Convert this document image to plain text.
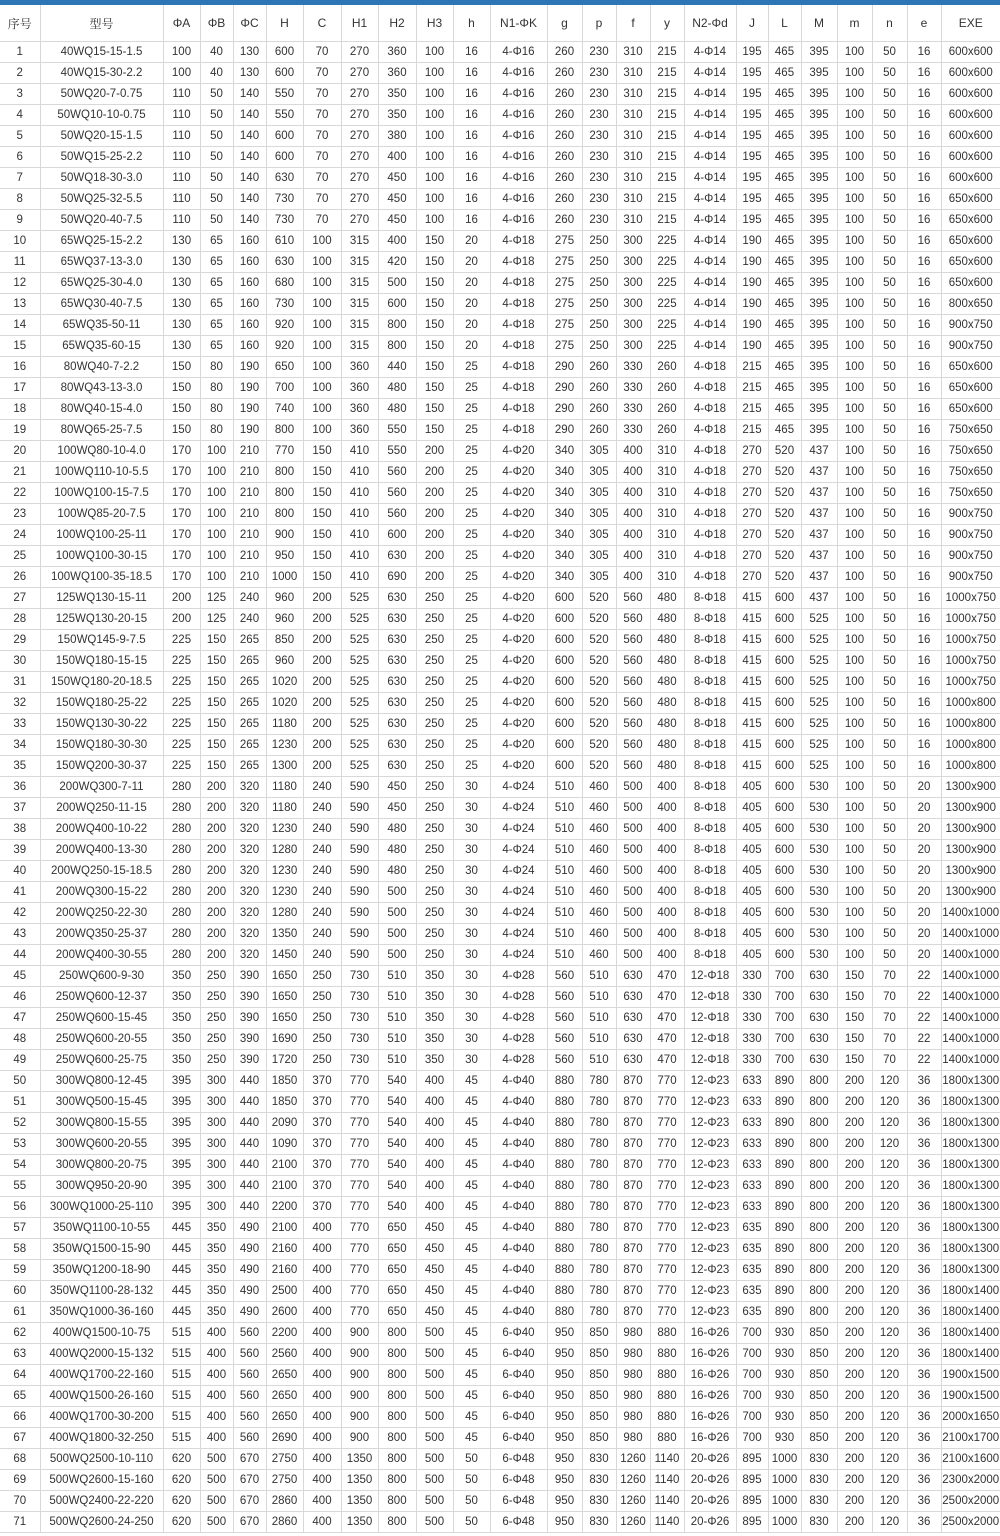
序号	型号	ΦA	ΦB	ΦC	H	C	H1	H2	H3	h	N1-ΦK	g	p	f	y	N2-Φd	J	L	M	m	n	e	EXE
1	40WQ15-15-1.5	100	40	130	600	70	270	360	100	16	4-Φ16	260	230	310	215	4-Φ14	195	465	395	100	50	16	600x600
2	40WQ15-30-2.2	100	40	130	600	70	270	360	100	16	4-Φ16	260	230	310	215	4-Φ14	195	465	395	100	50	16	600x600
3	50WQ20-7-0.75	110	50	140	550	70	270	350	100	16	4-Φ16	260	230	310	215	4-Φ14	195	465	395	100	50	16	600x600
4	50WQ10-10-0.75	110	50	140	550	70	270	350	100	16	4-Φ16	260	230	310	215	4-Φ14	195	465	395	100	50	16	600x600
5	50WQ20-15-1.5	110	50	140	600	70	270	380	100	16	4-Φ16	260	230	310	215	4-Φ14	195	465	395	100	50	16	600x600
6	50WQ15-25-2.2	110	50	140	600	70	270	400	100	16	4-Φ16	260	230	310	215	4-Φ14	195	465	395	100	50	16	600x600
7	50WQ18-30-3.0	110	50	140	630	70	270	450	100	16	4-Φ16	260	230	310	215	4-Φ14	195	465	395	100	50	16	600x600
8	50WQ25-32-5.5	110	50	140	730	70	270	450	100	16	4-Φ16	260	230	310	215	4-Φ14	195	465	395	100	50	16	650x600
9	50WQ20-40-7.5	110	50	140	730	70	270	450	100	16	4-Φ16	260	230	310	215	4-Φ14	195	465	395	100	50	16	650x600
10	65WQ25-15-2.2	130	65	160	610	100	315	400	150	20	4-Φ18	275	250	300	225	4-Φ14	190	465	395	100	50	16	650x600
11	65WQ37-13-3.0	130	65	160	630	100	315	420	150	20	4-Φ18	275	250	300	225	4-Φ14	190	465	395	100	50	16	650x600
12	65WQ25-30-4.0	130	65	160	680	100	315	500	150	20	4-Φ18	275	250	300	225	4-Φ14	190	465	395	100	50	16	650x600
13	65WQ30-40-7.5	130	65	160	730	100	315	600	150	20	4-Φ18	275	250	300	225	4-Φ14	190	465	395	100	50	16	800x650
14	65WQ35-50-11	130	65	160	920	100	315	800	150	20	4-Φ18	275	250	300	225	4-Φ14	190	465	395	100	50	16	900x750
15	65WQ35-60-15	130	65	160	920	100	315	800	150	20	4-Φ18	275	250	300	225	4-Φ14	190	465	395	100	50	16	900x750
16	80WQ40-7-2.2	150	80	190	650	100	360	440	150	25	4-Φ18	290	260	330	260	4-Φ18	215	465	395	100	50	16	650x600
17	80WQ43-13-3.0	150	80	190	700	100	360	480	150	25	4-Φ18	290	260	330	260	4-Φ18	215	465	395	100	50	16	650x600
18	80WQ40-15-4.0	150	80	190	740	100	360	480	150	25	4-Φ18	290	260	330	260	4-Φ18	215	465	395	100	50	16	650x600
19	80WQ65-25-7.5	150	80	190	800	100	360	550	150	25	4-Φ18	290	260	330	260	4-Φ18	215	465	395	100	50	16	750x650
20	100WQ80-10-4.0	170	100	210	770	150	410	550	200	25	4-Φ20	340	305	400	310	4-Φ18	270	520	437	100	50	16	750x650
21	100WQ110-10-5.5	170	100	210	800	150	410	560	200	25	4-Φ20	340	305	400	310	4-Φ18	270	520	437	100	50	16	750x650
22	100WQ100-15-7.5	170	100	210	800	150	410	560	200	25	4-Φ20	340	305	400	310	4-Φ18	270	520	437	100	50	16	750x650
23	100WQ85-20-7.5	170	100	210	800	150	410	560	200	25	4-Φ20	340	305	400	310	4-Φ18	270	520	437	100	50	16	900x750
24	100WQ100-25-11	170	100	210	900	150	410	600	200	25	4-Φ20	340	305	400	310	4-Φ18	270	520	437	100	50	16	900x750
25	100WQ100-30-15	170	100	210	950	150	410	630	200	25	4-Φ20	340	305	400	310	4-Φ18	270	520	437	100	50	16	900x750
26	100WQ100-35-18.5	170	100	210	1000	150	410	690	200	25	4-Φ20	340	305	400	310	4-Φ18	270	520	437	100	50	16	900x750
27	125WQ130-15-11	200	125	240	960	200	525	630	250	25	4-Φ20	600	520	560	480	8-Φ18	415	600	437	100	50	16	1000x750
28	125WQ130-20-15	200	125	240	960	200	525	630	250	25	4-Φ20	600	520	560	480	8-Φ18	415	600	525	100	50	16	1000x750
29	150WQ145-9-7.5	225	150	265	850	200	525	630	250	25	4-Φ20	600	520	560	480	8-Φ18	415	600	525	100	50	16	1000x750
30	150WQ180-15-15	225	150	265	960	200	525	630	250	25	4-Φ20	600	520	560	480	8-Φ18	415	600	525	100	50	16	1000x750
31	150WQ180-20-18.5	225	150	265	1020	200	525	630	250	25	4-Φ20	600	520	560	480	8-Φ18	415	600	525	100	50	16	1000x750
32	150WQ180-25-22	225	150	265	1020	200	525	630	250	25	4-Φ20	600	520	560	480	8-Φ18	415	600	525	100	50	16	1000x800
33	150WQ130-30-22	225	150	265	1180	200	525	630	250	25	4-Φ20	600	520	560	480	8-Φ18	415	600	525	100	50	16	1000x800
34	150WQ180-30-30	225	150	265	1230	200	525	630	250	25	4-Φ20	600	520	560	480	8-Φ18	415	600	525	100	50	16	1000x800
35	150WQ200-30-37	225	150	265	1300	200	525	630	250	25	4-Φ20	600	520	560	480	8-Φ18	415	600	525	100	50	16	1000x800
36	200WQ300-7-11	280	200	320	1180	240	590	450	250	30	4-Φ24	510	460	500	400	8-Φ18	405	600	530	100	50	20	1300x900
37	200WQ250-11-15	280	200	320	1180	240	590	450	250	30	4-Φ24	510	460	500	400	8-Φ18	405	600	530	100	50	20	1300x900
38	200WQ400-10-22	280	200	320	1230	240	590	480	250	30	4-Φ24	510	460	500	400	8-Φ18	405	600	530	100	50	20	1300x900
39	200WQ400-13-30	280	200	320	1280	240	590	480	250	30	4-Φ24	510	460	500	400	8-Φ18	405	600	530	100	50	20	1300x900
40	200WQ250-15-18.5	280	200	320	1230	240	590	480	250	30	4-Φ24	510	460	500	400	8-Φ18	405	600	530	100	50	20	1300x900
41	200WQ300-15-22	280	200	320	1230	240	590	500	250	30	4-Φ24	510	460	500	400	8-Φ18	405	600	530	100	50	20	1300x900
42	200WQ250-22-30	280	200	320	1280	240	590	500	250	30	4-Φ24	510	460	500	400	8-Φ18	405	600	530	100	50	20	1400x1000
43	200WQ350-25-37	280	200	320	1350	240	590	500	250	30	4-Φ24	510	460	500	400	8-Φ18	405	600	530	100	50	20	1400x1000
44	200WQ400-30-55	280	200	320	1450	240	590	500	250	30	4-Φ24	510	460	500	400	8-Φ18	405	600	530	100	50	20	1400x1000
45	250WQ600-9-30	350	250	390	1650	250	730	510	350	30	4-Φ28	560	510	630	470	12-Φ18	330	700	630	150	70	22	1400x1000
46	250WQ600-12-37	350	250	390	1650	250	730	510	350	30	4-Φ28	560	510	630	470	12-Φ18	330	700	630	150	70	22	1400x1000
47	250WQ600-15-45	350	250	390	1650	250	730	510	350	30	4-Φ28	560	510	630	470	12-Φ18	330	700	630	150	70	22	1400x1000
48	250WQ600-20-55	350	250	390	1690	250	730	510	350	30	4-Φ28	560	510	630	470	12-Φ18	330	700	630	150	70	22	1400x1000
49	250WQ600-25-75	350	250	390	1720	250	730	510	350	30	4-Φ28	560	510	630	470	12-Φ18	330	700	630	150	70	22	1400x1000
50	300WQ800-12-45	395	300	440	1850	370	770	540	400	45	4-Φ40	880	780	870	770	12-Φ23	633	890	800	200	120	36	1800x1300
51	300WQ500-15-45	395	300	440	1850	370	770	540	400	45	4-Φ40	880	780	870	770	12-Φ23	633	890	800	200	120	36	1800x1300
52	300WQ800-15-55	395	300	440	2090	370	770	540	400	45	4-Φ40	880	780	870	770	12-Φ23	633	890	800	200	120	36	1800x1300
53	300WQ600-20-55	395	300	440	1090	370	770	540	400	45	4-Φ40	880	780	870	770	12-Φ23	633	890	800	200	120	36	1800x1300
54	300WQ800-20-75	395	300	440	2100	370	770	540	400	45	4-Φ40	880	780	870	770	12-Φ23	633	890	800	200	120	36	1800x1300
55	300WQ950-20-90	395	300	440	2100	370	770	540	400	45	4-Φ40	880	780	870	770	12-Φ23	633	890	800	200	120	36	1800x1300
56	300WQ1000-25-110	395	300	440	2200	370	770	540	400	45	4-Φ40	880	780	870	770	12-Φ23	633	890	800	200	120	36	1800x1300
57	350WQ1100-10-55	445	350	490	2100	400	770	650	450	45	4-Φ40	880	780	870	770	12-Φ23	635	890	800	200	120	36	1800x1300
58	350WQ1500-15-90	445	350	490	2160	400	770	650	450	45	4-Φ40	880	780	870	770	12-Φ23	635	890	800	200	120	36	1800x1300
59	350WQ1200-18-90	445	350	490	2160	400	770	650	450	45	4-Φ40	880	780	870	770	12-Φ23	635	890	800	200	120	36	1800x1300
60	350WQ1100-28-132	445	350	490	2500	400	770	650	450	45	4-Φ40	880	780	870	770	12-Φ23	635	890	800	200	120	36	1800x1400
61	350WQ1000-36-160	445	350	490	2600	400	770	650	450	45	4-Φ40	880	780	870	770	12-Φ23	635	890	800	200	120	36	1800x1400
62	400WQ1500-10-75	515	400	560	2200	400	900	800	500	45	6-Φ40	950	850	980	880	16-Φ26	700	930	850	200	120	36	1800x1400
63	400WQ2000-15-132	515	400	560	2560	400	900	800	500	45	6-Φ40	950	850	980	880	16-Φ26	700	930	850	200	120	36	1800x1400
64	400WQ1700-22-160	515	400	560	2650	400	900	800	500	45	6-Φ40	950	850	980	880	16-Φ26	700	930	850	200	120	36	1900x1500
65	400WQ1500-26-160	515	400	560	2650	400	900	800	500	45	6-Φ40	950	850	980	880	16-Φ26	700	930	850	200	120	36	1900x1500
66	400WQ1700-30-200	515	400	560	2650	400	900	800	500	45	6-Φ40	950	850	980	880	16-Φ26	700	930	850	200	120	36	2000x1650
67	400WQ1800-32-250	515	400	560	2690	400	900	800	500	45	6-Φ40	950	850	980	880	16-Φ26	700	930	850	200	120	36	2100x1700
68	500WQ2500-10-110	620	500	670	2750	400	1350	800	500	50	6-Φ48	950	830	1260	1140	20-Φ26	895	1000	830	200	120	36	2100x1600
69	500WQ2600-15-160	620	500	670	2750	400	1350	800	500	50	6-Φ48	950	830	1260	1140	20-Φ26	895	1000	830	200	120	36	2300x2000
70	500WQ2400-22-220	620	500	670	2860	400	1350	800	500	50	6-Φ48	950	830	1260	1140	20-Φ26	895	1000	830	200	120	36	2500x2000
71	500WQ2600-24-250	620	500	670	2860	400	1350	800	500	50	6-Φ48	950	830	1260	1140	20-Φ26	895	1000	830	200	120	36	2500x2000
